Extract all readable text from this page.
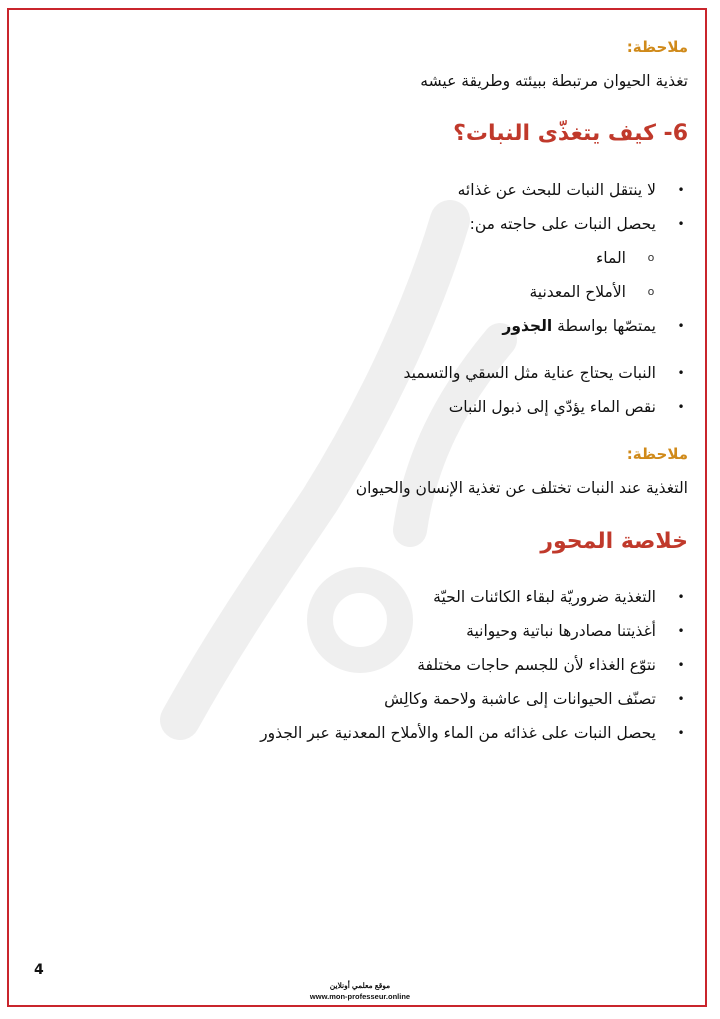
ملاحظة:
تغذية الحيوان مرتبطة ببيئته وطريقة عيشه
6- كيف يتغذّى النبات؟
•
لا ينتقل النبات للبحث عن غذائه
•
يحصل النبات على حاجته من:
o
الماء
o
الأملاح المعدنية
•
يمتصّها بواسطة الجذور
•
النبات يحتاج عناية مثل السقي والتسميد
•
نقص الماء يؤدّي إلى ذبول النبات
ملاحظة:
التغذية عند النبات تختلف عن تغذية الإنسان والحيوان
خلاصة المحور
•
التغذية ضروريّة لبقاء الكائنات الحيّة
•
أغذيتنا مصادرها نباتية وحيوانية
•
نتوّع الغذاء لأن للجسم حاجات مختلفة
•
تصنّف الحيوانات إلى عاشبة ولاحمة وكالِش
•
يحصل النبات على غذائه من الماء والأملاح المعدنية عبر الجذور
4
موقع معلمي أونلاين
www.mon-professeur.online
